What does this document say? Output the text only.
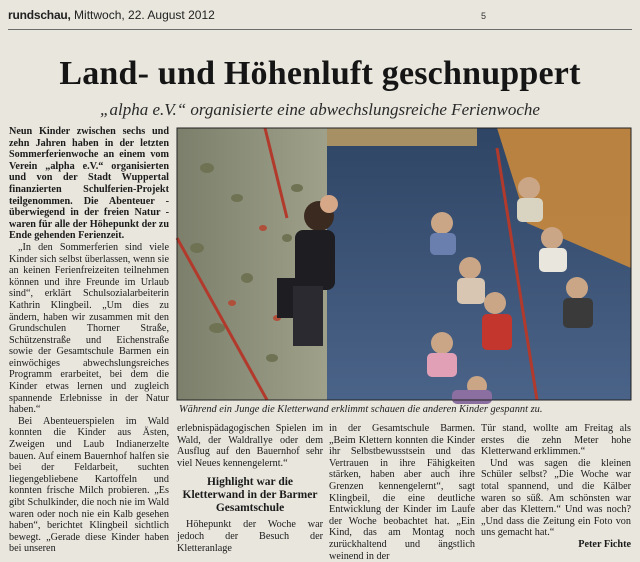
rundschau, Mittwoch, 22. August 2012	5
Land- und Höhenluft geschnuppert
„alpha e.V.“ organisierte eine abwechslungsreiche Ferienwoche

Neun Kinder zwischen sechs und zehn Jahren haben in der letzten Sommerferienwoche an einem vom Verein „alpha e.V.“ organisierten und von der Stadt Wuppertal finanzierten Schulferien-Projekt teilgenommen. Die Abenteuer - überwiegend in der freien Natur - waren für alle der Höhepunkt der zu Ende gehenden Ferienzeit.

„In den Sommerferien sind viele Kinder sich selbst überlassen, wenn sie an keinen Ferienfreizeiten teilnehmen können und ihre Freunde im Urlaub sind“, erklärt Schulsozialarbeiterin Kathrin Klingbeil. „Um dies zu ändern, haben wir zusammen mit den Grundschulen Thorner Straße, Schützenstraße und Eichenstraße sowie der Gesamtschule Barmen ein einwöchiges abwechslungsreiches Programm erarbeitet, bei dem die Kinder etwas lernen und zugleich spannende Erlebnisse in der Natur haben.“

Bei Abenteuerspielen im Wald konnten die Kinder aus Ästen, Zweigen und Laub Indianerzelte bauen. Auf einem Bauernhof halfen sie bei der Feldarbeit, suchten liegengebliebene Kartoffeln und konnten frische Milch probieren. „Es gibt Schulkinder, die noch nie im Wald waren oder noch nie ein Kalb gesehen haben“, berichtet Klingbeil sichtlich bewegt. „Gerade diese Kinder haben bei unseren

Während ein Junge die Kletterwand erklimmt schauen die anderen Kinder gespannt zu.

erlebnispädagogischen Spielen im Wald, der Waldrallye oder dem Ausflug auf den Bauernhof sehr viel Neues kennengelernt.“

Highlight war die Kletterwand in der Barmer Gesamtschule

Höhepunkt der Woche war jedoch der Besuch der Kletteranlage

in der Gesamtschule Barmen. „Beim Klettern konnten die Kinder ihr Selbstbewusstsein und das Vertrauen in ihre Fähigkeiten stärken, haben aber auch ihre Grenzen kennengelernt“, sagt Klingbeil, die eine deutliche Entwicklung der Kinder im Laufe der Woche beobachtet hat. „Ein Kind, das am Montag noch zurückhaltend und ängstlich weinend in der

Tür stand, wollte am Freitag als erstes die zehn Meter hohe Kletterwand erklimmen.“

Und was sagen die kleinen Schüler selbst? „Die Woche war total spannend, und die Kälber waren so süß. Am schönsten war aber das Klettern.“ Und was noch? „Und dass die Zeitung ein Foto von uns gemacht hat.“

Peter Fichte
